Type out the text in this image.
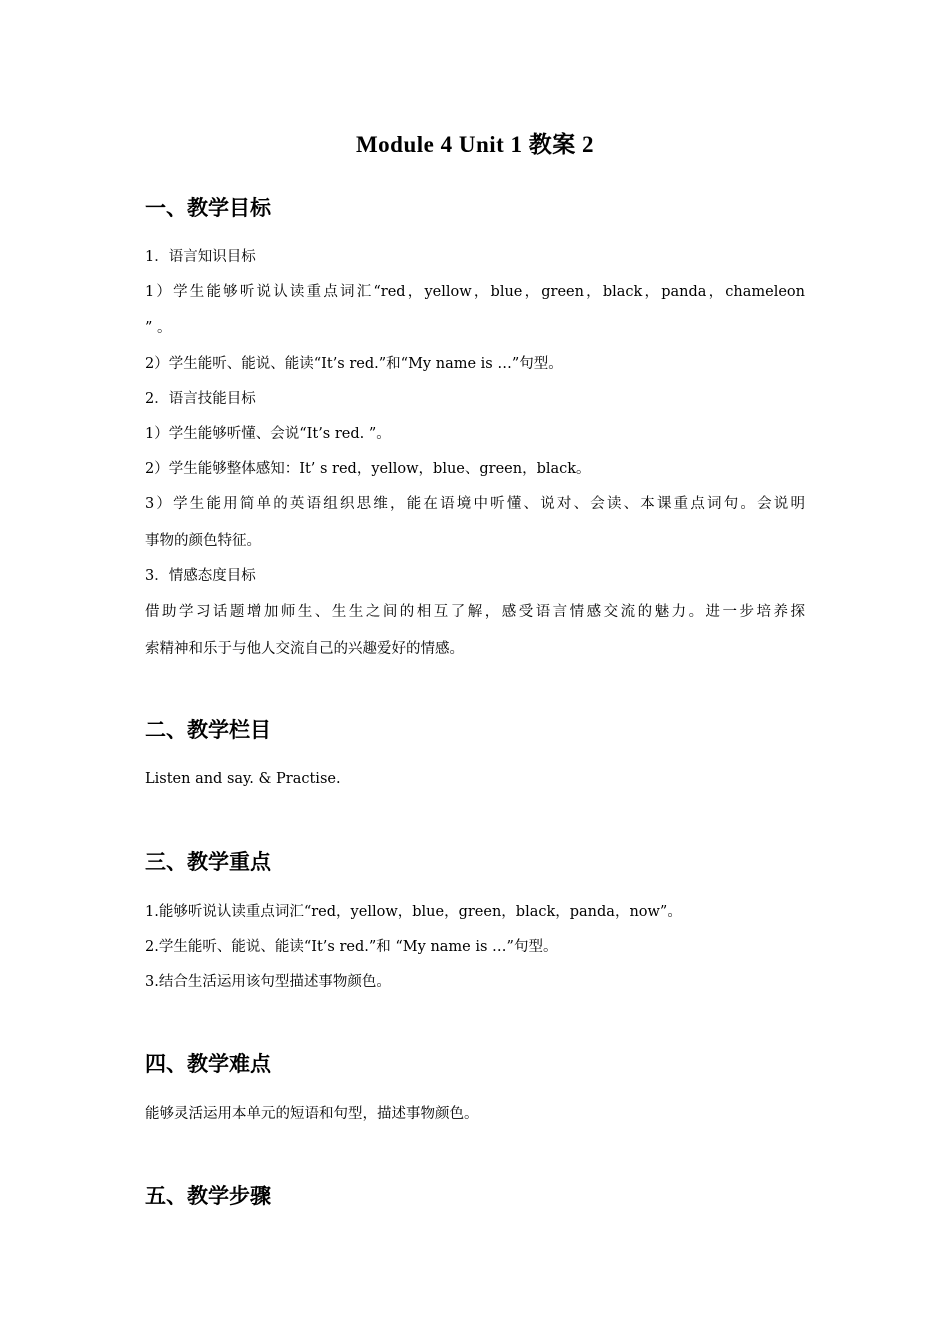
Module 4 Unit 1 教案 2
一、教学目标

1．语言知识目标

1）学生能够听说认读重点词汇“red，yellow，blue，green，black，panda，chameleon

” 。

2）学生能听、能说、能读“It’s red.”和“My name is …”句型。

2．语言技能目标

1）学生能够听懂、会说“It’s red. ”。

2）学生能够整体感知：It’ s red，yellow，blue、green，black。

3）学生能用简单的英语组织思维，能在语境中听懂、说对、会读、本课重点词句。会说明

事物的颜色特征。

3．情感态度目标

借助学习话题增加师生、生生之间的相互了解，感受语言情感交流的魅力。进一步培养探

索精神和乐于与他人交流自己的兴趣爱好的情感。

二、教学栏目

Listen and say. & Practise.

三、教学重点

1.能够听说认读重点词汇“red，yellow，blue，green，black，panda，now”。

2.学生能听、能说、能读“It’s red.”和 “My name is …”句型。

3.结合生活运用该句型描述事物颜色。

四、教学难点

能够灵活运用本单元的短语和句型，描述事物颜色。

五、教学步骤
